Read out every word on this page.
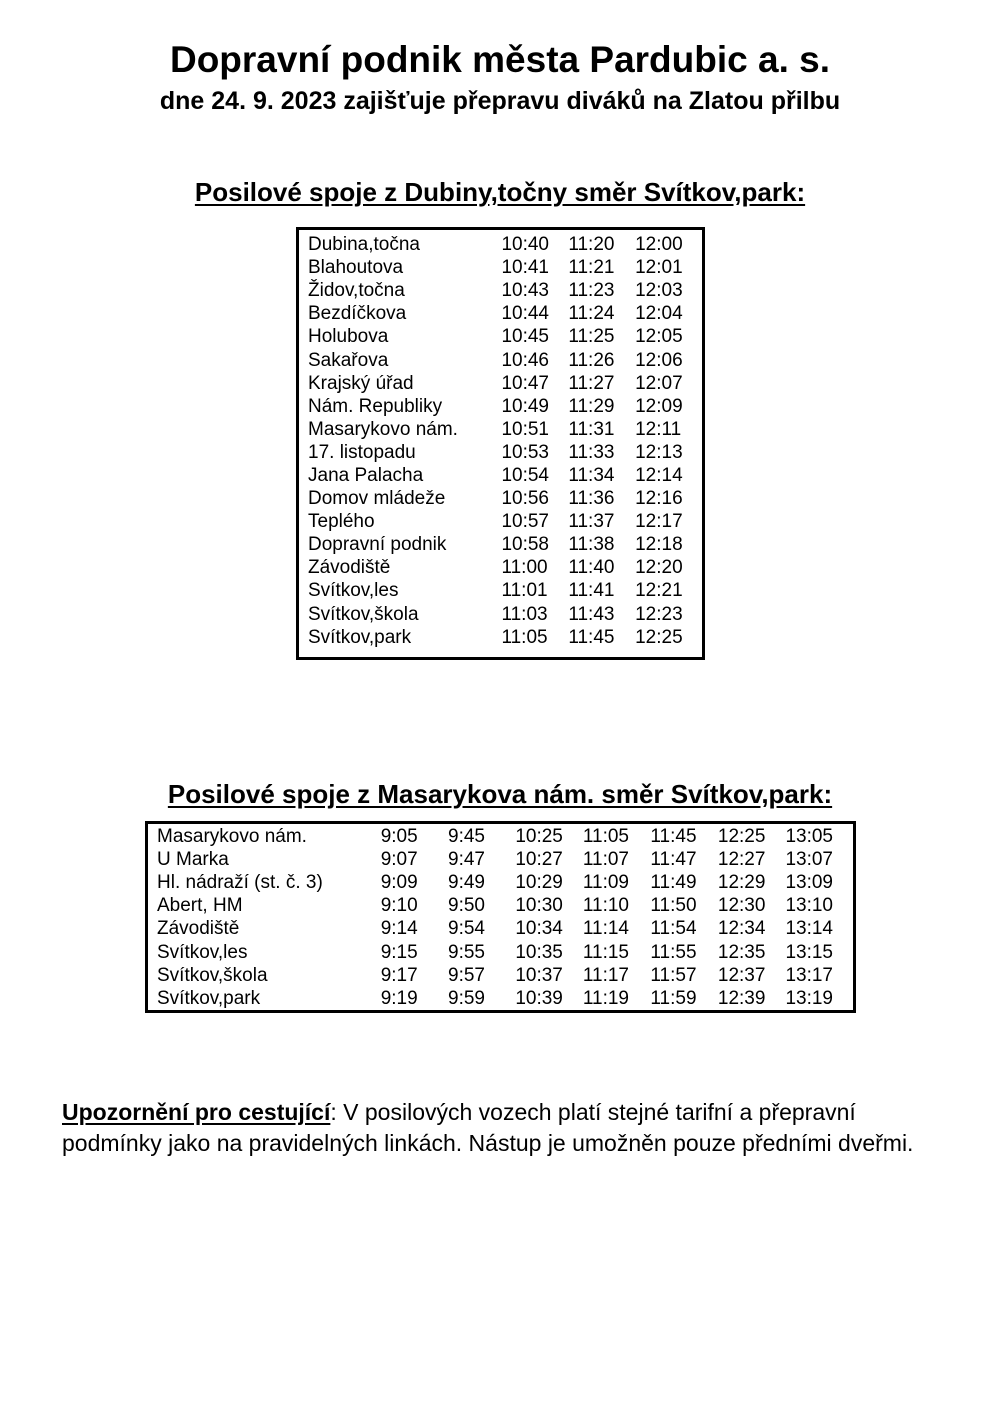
Dopravní podnik města Pardubic a. s.
dne 24. 9. 2023 zajišťuje přepravu diváků na Zlatou přilbu
Posilové spoje z Dubiny,točny směr Svítkov,park:
Dubina,točna	10:40	11:20	12:00
Blahoutova	10:41	11:21	12:01
Židov,točna	10:43	11:23	12:03
Bezdíčkova	10:44	11:24	12:04
Holubova	10:45	11:25	12:05
Sakařova	10:46	11:26	12:06
Krajský úřad	10:47	11:27	12:07
Nám. Republiky	10:49	11:29	12:09
Masarykovo nám.	10:51	11:31	12:11
17. listopadu	10:53	11:33	12:13
Jana Palacha	10:54	11:34	12:14
Domov mládeže	10:56	11:36	12:16
Teplého	10:57	11:37	12:17
Dopravní podnik	10:58	11:38	12:18
Závodiště	11:00	11:40	12:20
Svítkov,les	11:01	11:41	12:21
Svítkov,škola	11:03	11:43	12:23
Svítkov,park	11:05	11:45	12:25
Posilové spoje z Masarykova nám. směr Svítkov,park:
Masarykovo nám.	9:05	9:45	10:25	11:05	11:45	12:25	13:05
U Marka	9:07	9:47	10:27	11:07	11:47	12:27	13:07
Hl. nádraží (st. č. 3)	9:09	9:49	10:29	11:09	11:49	12:29	13:09
Abert, HM	9:10	9:50	10:30	11:10	11:50	12:30	13:10
Závodiště	9:14	9:54	10:34	11:14	11:54	12:34	13:14
Svítkov,les	9:15	9:55	10:35	11:15	11:55	12:35	13:15
Svítkov,škola	9:17	9:57	10:37	11:17	11:57	12:37	13:17
Svítkov,park	9:19	9:59	10:39	11:19	11:59	12:39	13:19
Upozornění pro cestující: V posilových vozech platí stejné tarifní a přepravní podmínky jako na pravidelných linkách. Nástup je umožněn pouze předními dveřmi.
